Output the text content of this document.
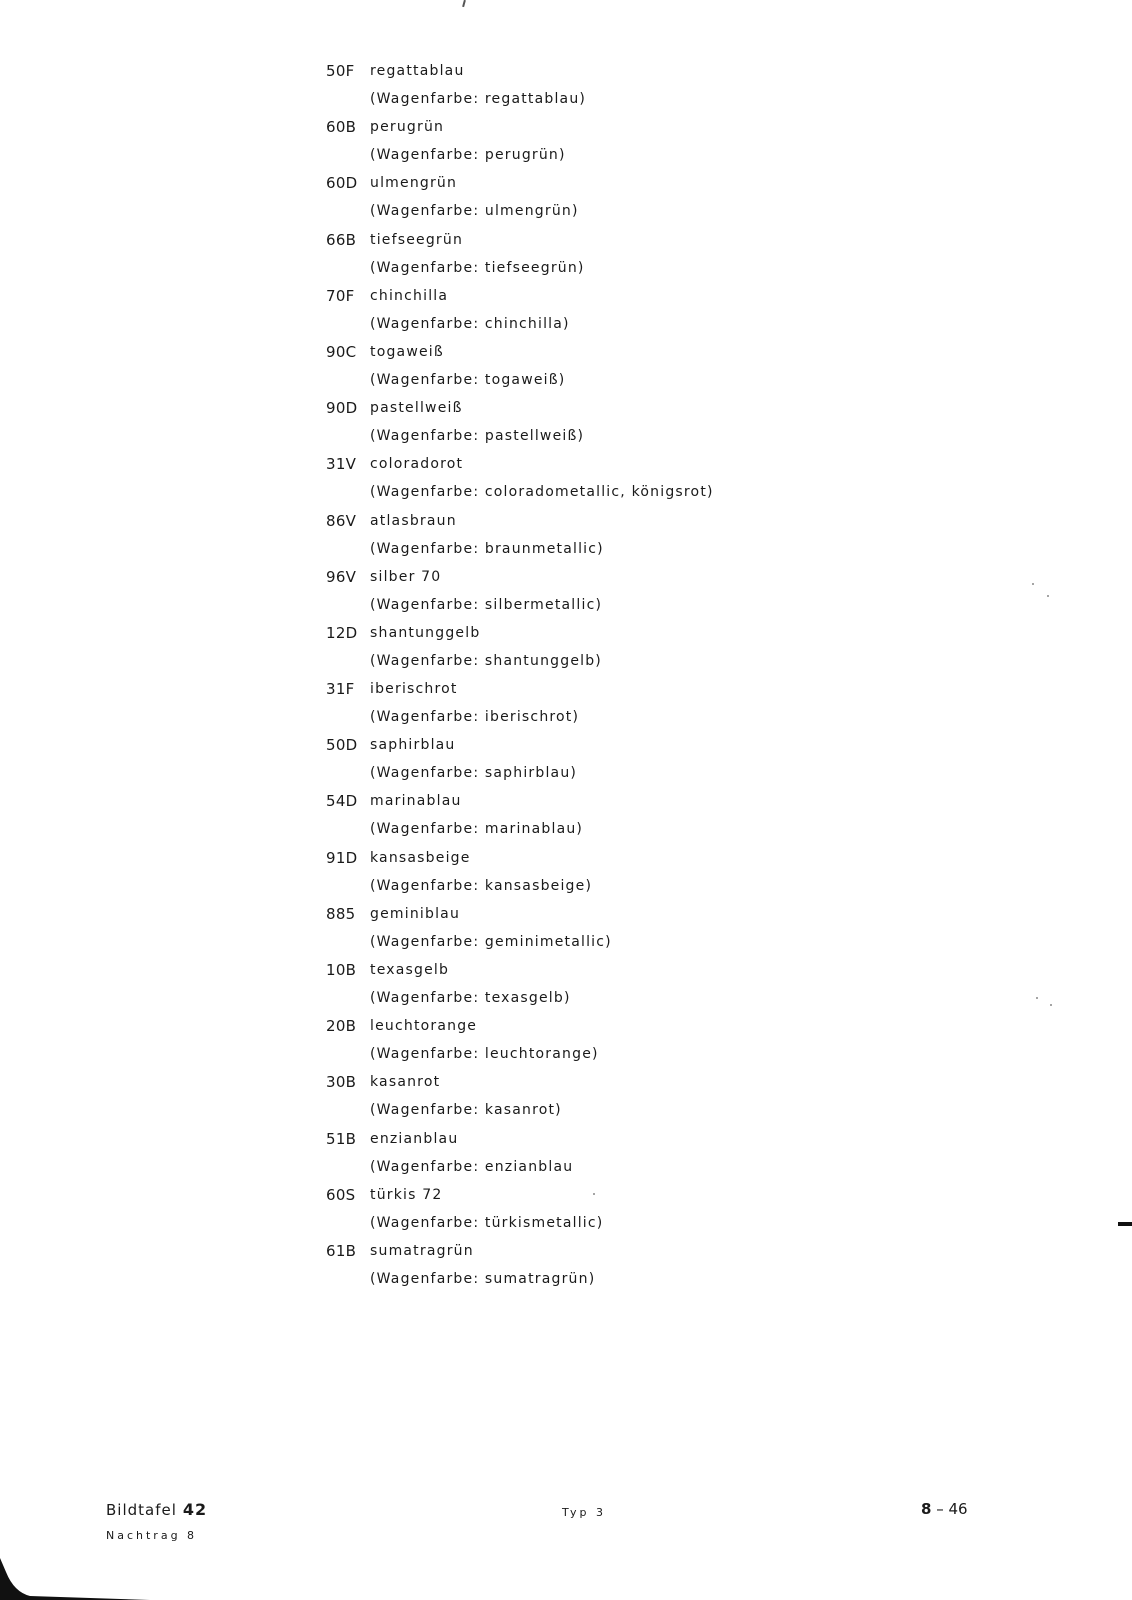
50F regattablau
(Wagenfarbe: regattablau)
60B perugrün
(Wagenfarbe: perugrün)
60D ulmengrün
(Wagenfarbe: ulmengrün)
66B tiefseegrün
(Wagenfarbe: tiefseegrün)
70F chinchilla
(Wagenfarbe: chinchilla)
90C togaweiß
(Wagenfarbe: togaweiß)
90D pastellweiß
(Wagenfarbe: pastellweiß)
31V coloradorot
(Wagenfarbe: coloradometallic, königsrot)
86V atlasbraun
(Wagenfarbe: braunmetallic)
96V silber 70
(Wagenfarbe: silbermetallic)
12D shantunggelb
(Wagenfarbe: shantunggelb)
31F iberischrot
(Wagenfarbe: iberischrot)
50D saphirblau
(Wagenfarbe: saphirblau)
54D marinablau
(Wagenfarbe: marinablau)
91D kansasbeige
(Wagenfarbe: kansasbeige)
885 geminiblau
(Wagenfarbe: geminimetallic)
10B texasgelb
(Wagenfarbe: texasgelb)
20B leuchtorange
(Wagenfarbe: leuchtorange)
30B kasanrot
(Wagenfarbe: kasanrot)
51B enzianblau
(Wagenfarbe: enzianblau
60S türkis 72
(Wagenfarbe: türkismetallic)
61B sumatragrün
(Wagenfarbe: sumatragrün)
Bildtafel 42
Nachtrag 8
Typ 3	8 – 46
